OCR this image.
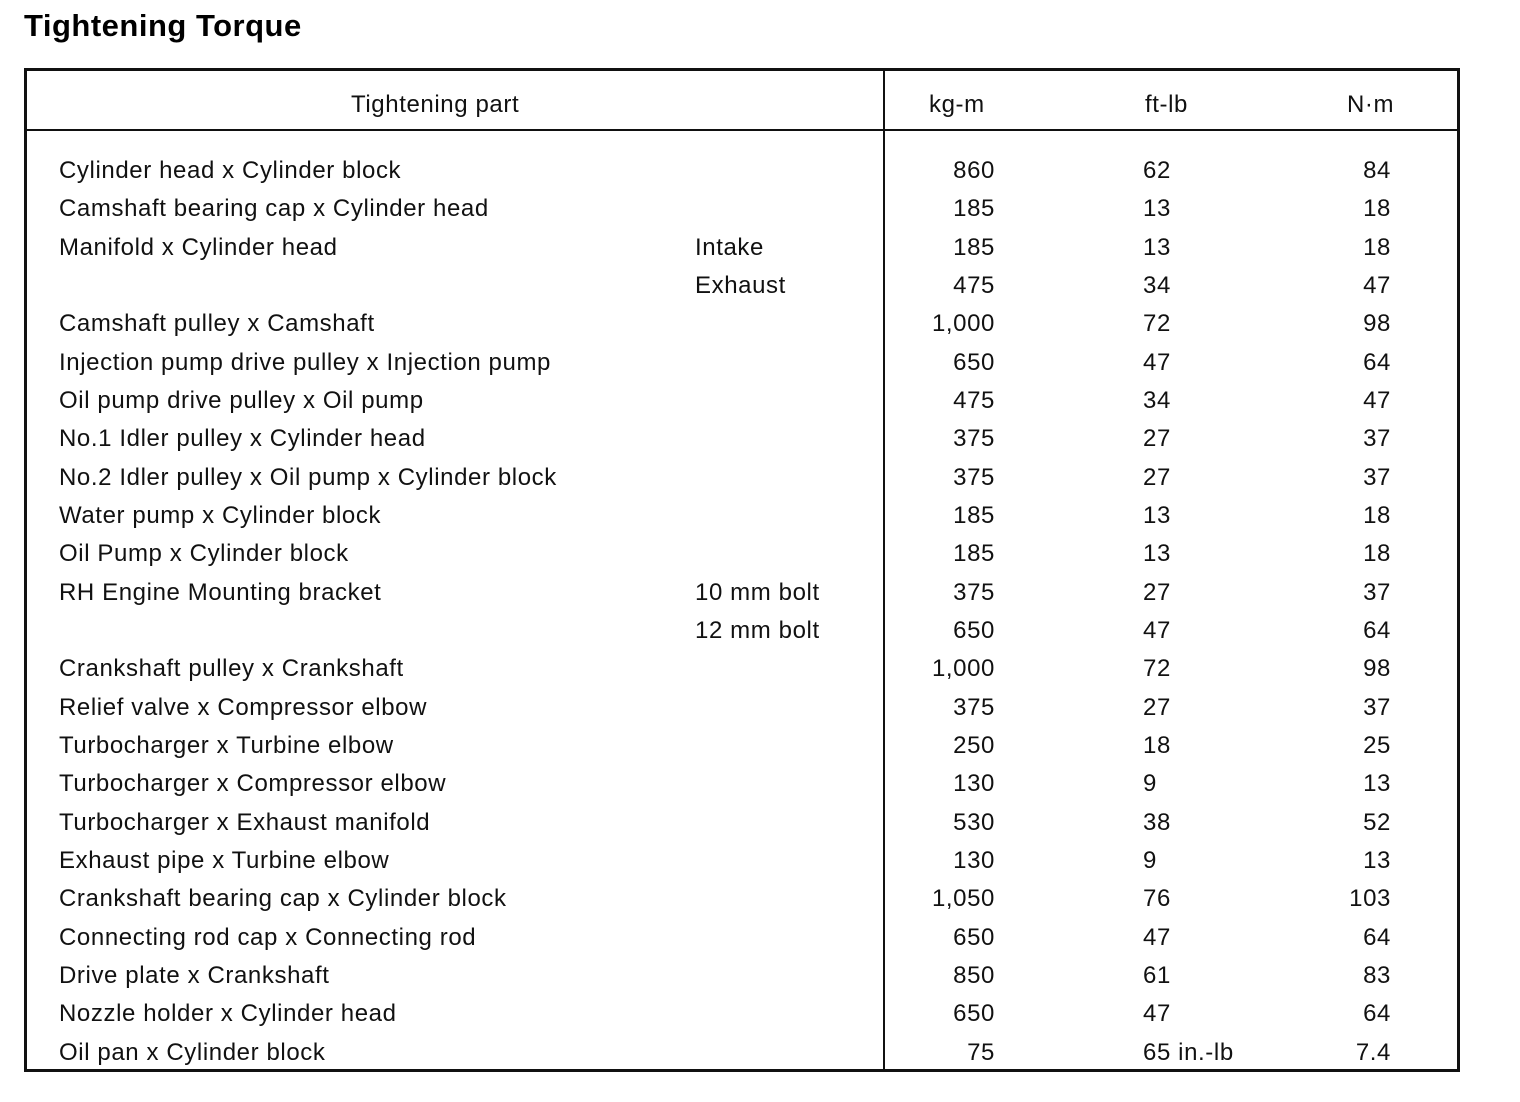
Tightening Torque
Tightening part	kg-m	ft-lb	N·m
Cylinder head x Cylinder block	860	62	84
Camshaft bearing cap x Cylinder head	185	13	18
Manifold x Cylinder head	Intake	185	13	18
Exhaust	475	34	47
Camshaft pulley x Camshaft	1,000	72	98
Injection pump drive pulley x Injection pump	650	47	64
Oil pump drive pulley x Oil pump	475	34	47
No.1 Idler pulley x Cylinder head	375	27	37
No.2 Idler pulley x Oil pump x Cylinder block	375	27	37
Water pump x Cylinder block	185	13	18
Oil Pump x Cylinder block	185	13	18
RH Engine Mounting bracket	10 mm bolt	375	27	37
12 mm bolt	650	47	64
Crankshaft pulley x Crankshaft	1,000	72	98
Relief valve x Compressor elbow	375	27	37
Turbocharger x Turbine elbow	250	18	25
Turbocharger x Compressor elbow	130	9	13
Turbocharger x Exhaust manifold	530	38	52
Exhaust pipe x Turbine elbow	130	9	13
Crankshaft bearing cap x Cylinder block	1,050	76	103
Connecting rod cap x Connecting rod	650	47	64
Drive plate x Crankshaft	850	61	83
Nozzle holder x Cylinder head	650	47	64
Oil pan x Cylinder block	75	65 in.-lb	7.4
